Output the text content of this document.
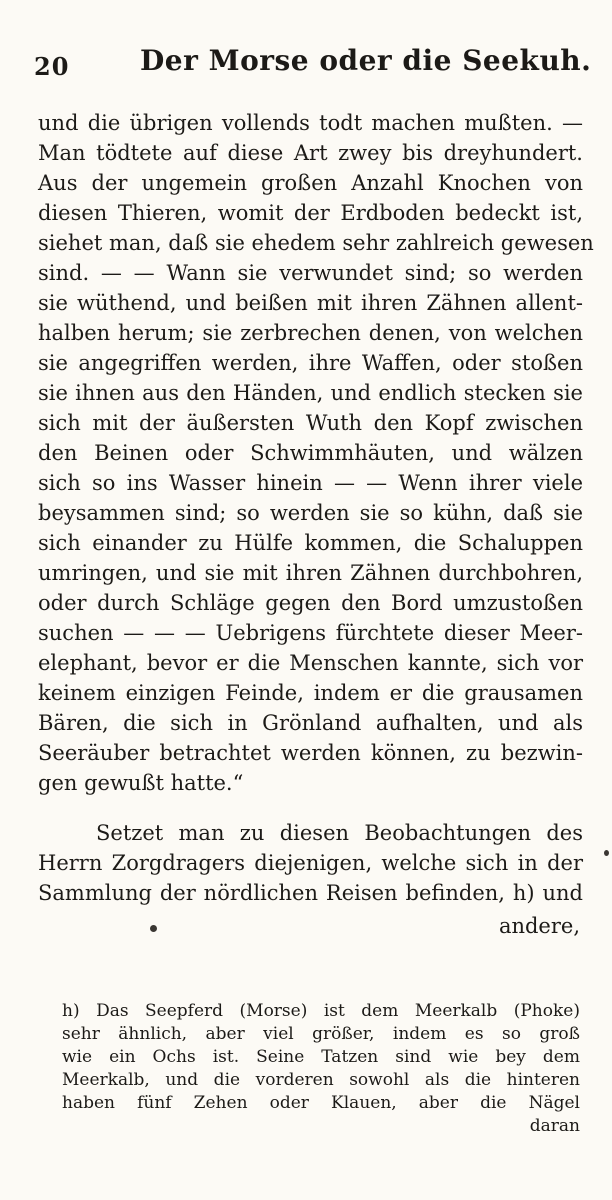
20	Der Morse oder die Seekuh.
und die übrigen vollends todt machen mußten. —
Man tödtete auf diese Art zwey bis dreyhundert.
Aus der ungemein großen Anzahl Knochen von
diesen Thieren, womit der Erdboden bedeckt ist,
siehet man, daß sie ehedem sehr zahlreich gewesen
sind. — — Wann sie verwundet sind; so werden
sie wüthend, und beißen mit ihren Zähnen allent-
halben herum; sie zerbrechen denen, von welchen
sie angegriffen werden, ihre Waffen, oder stoßen
sie ihnen aus den Händen, und endlich stecken sie
sich mit der äußersten Wuth den Kopf zwischen
den Beinen oder Schwimmhäuten, und wälzen
sich so ins Wasser hinein — — Wenn ihrer viele
beysammen sind; so werden sie so kühn, daß sie
sich einander zu Hülfe kommen, die Schaluppen
umringen, und sie mit ihren Zähnen durchbohren,
oder durch Schläge gegen den Bord umzustoßen
suchen — — — Uebrigens fürchtete dieser Meer-
elephant, bevor er die Menschen kannte, sich vor
keinem einzigen Feinde, indem er die grausamen
Bären, die sich in Grönland aufhalten, und als
Seeräuber betrachtet werden können, zu bezwin-
gen gewußt hatte.“
Setzet man zu diesen Beobachtungen des
Herrn Zorgdragers diejenigen, welche sich in der
Sammlung der nördlichen Reisen befinden, h) und
andere,
h) Das Seepferd (Morse) ist dem Meerkalb (Phoke)
sehr ähnlich, aber viel größer, indem es so groß
wie ein Ochs ist. Seine Tatzen sind wie bey dem
Meerkalb, und die vorderen sowohl als die hinteren
haben fünf Zehen oder Klauen, aber die Nägel
daran
